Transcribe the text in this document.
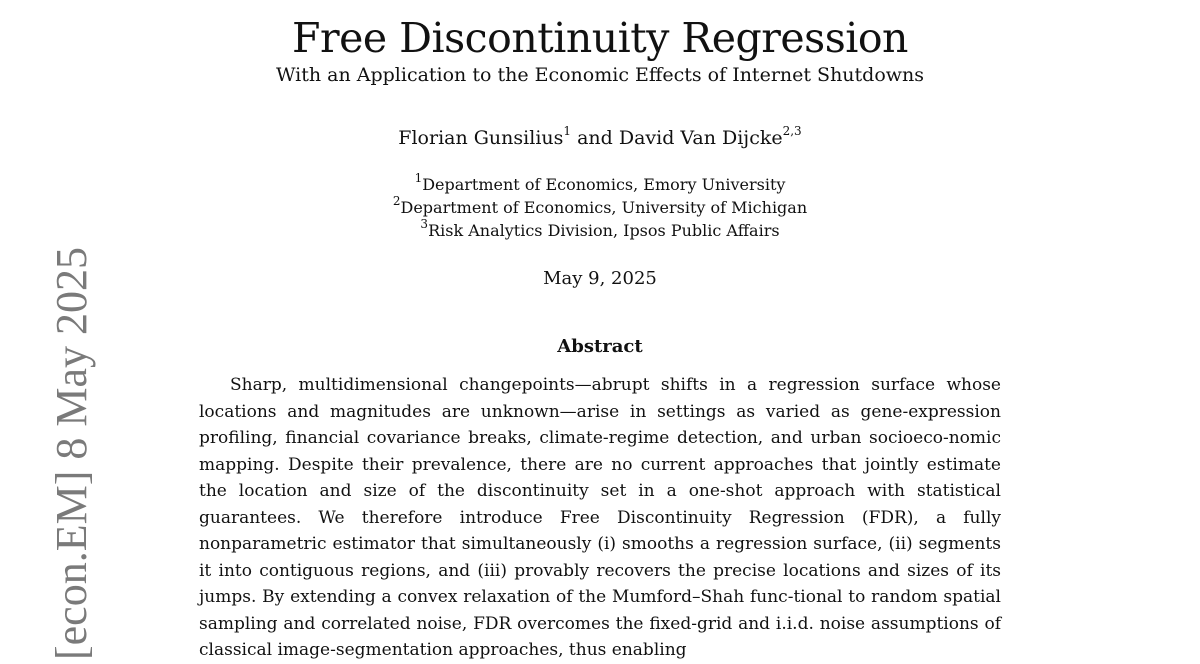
Free Discontinuity Regression
With an Application to the Economic Effects of Internet Shutdowns
Florian Gunsilius$^1$ and David Van Dijcke$^{2,3}$
$^1$Department of Economics, Emory University
$^2$Department of Economics, University of Michigan
$^3$Risk Analytics Division, Ipsos Public Affairs
May 9, 2025
Abstract
Sharp, multidimensional changepoints—abrupt shifts in a regression surface whose locations and magnitudes are unknown—arise in settings as varied as gene-expression profiling, financial covariance breaks, climate-regime detection, and urban socioeco-nomic mapping. Despite their prevalence, there are no current approaches that jointly estimate the location and size of the discontinuity set in a one-shot approach with statistical guarantees. We therefore introduce Free Discontinuity Regression (FDR), a fully nonparametric estimator that simultaneously (i) smooths a regression surface, (ii) segments it into contiguous regions, and (iii) provably recovers the precise locations and sizes of its jumps. By extending a convex relaxation of the Mumford–Shah func-tional to random spatial sampling and correlated noise, FDR overcomes the fixed-grid and i.i.d. noise assumptions of classical image-segmentation approaches, thus enabling
[econ.EM] 8 May 2025
